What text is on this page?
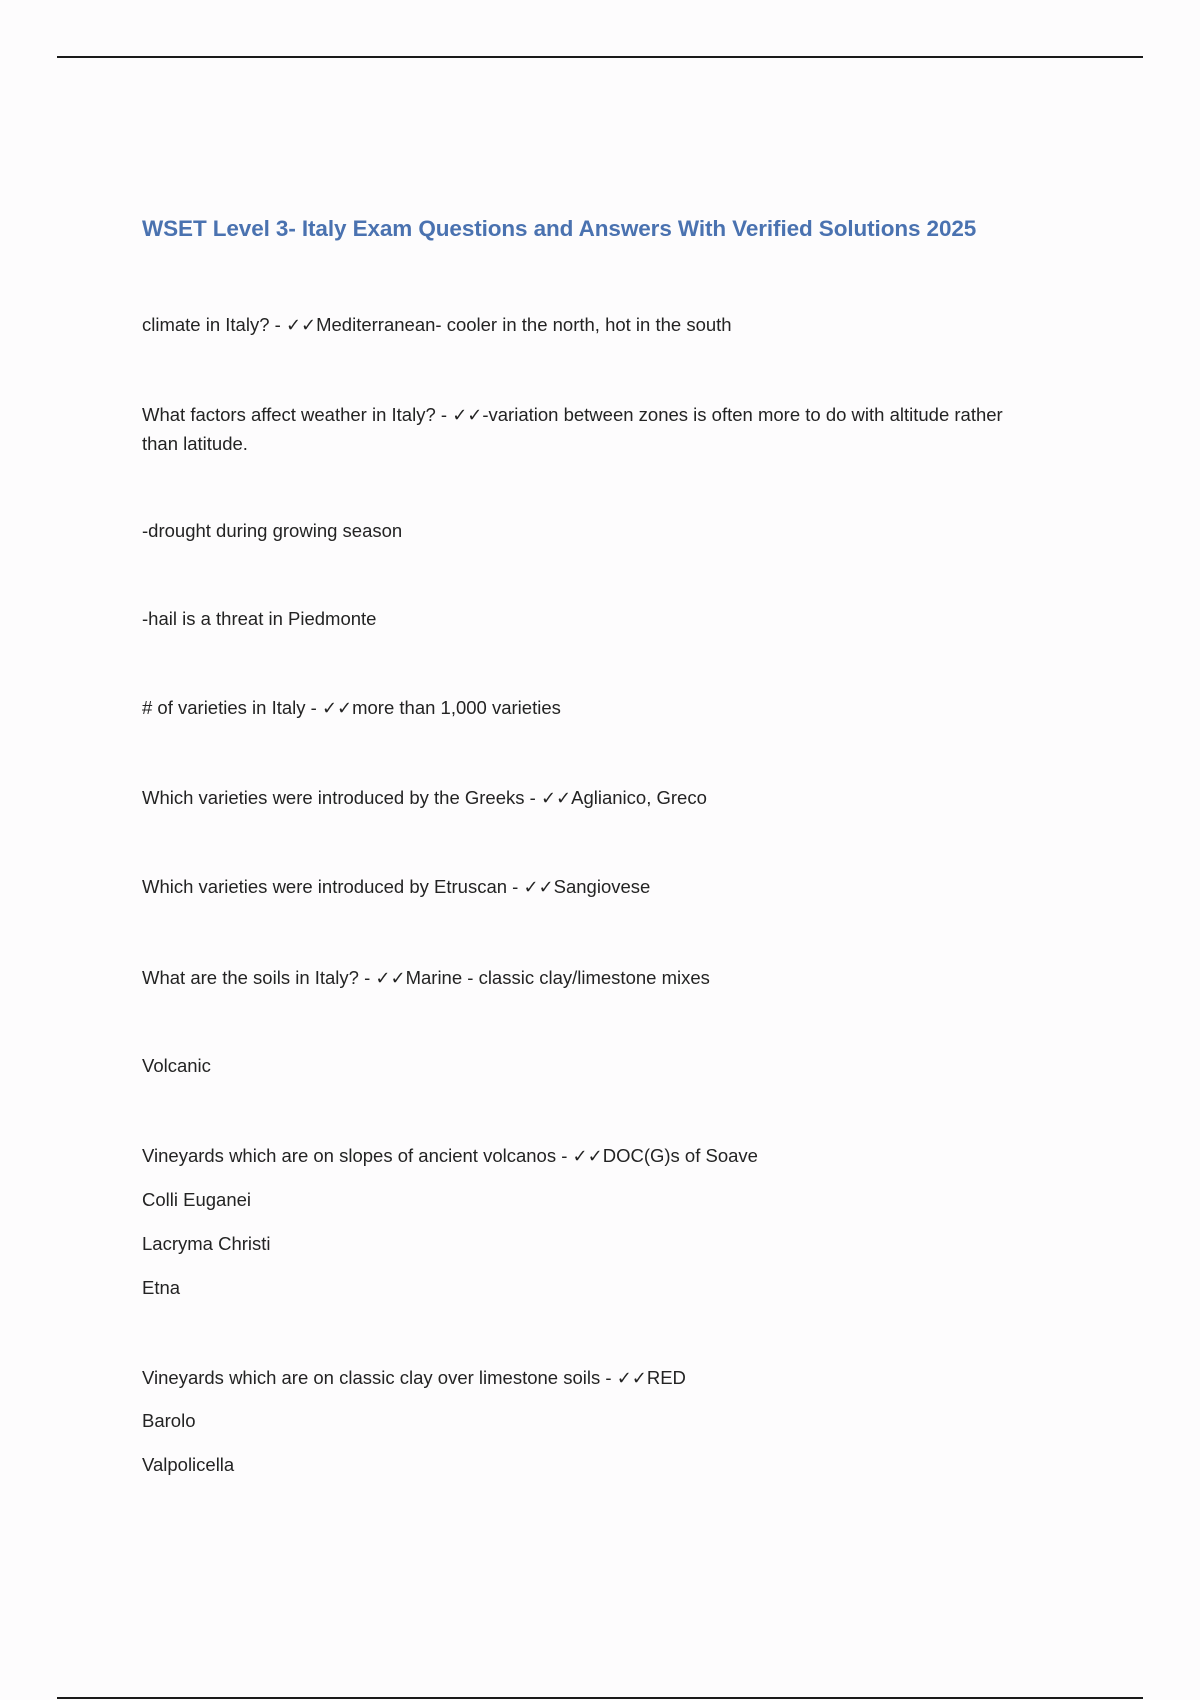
WSET Level 3- Italy Exam Questions and Answers With Verified Solutions 2025
climate in Italy? - ✓✓Mediterranean- cooler in the north, hot in the south
What factors affect weather in Italy? - ✓✓-variation between zones is often more to do with altitude rather than latitude.
-drought during growing season
-hail is a threat in Piedmonte
# of varieties in Italy - ✓✓more than 1,000 varieties
Which varieties were introduced by the Greeks - ✓✓Aglianico, Greco
Which varieties were introduced by Etruscan - ✓✓Sangiovese
What are the soils in Italy? - ✓✓Marine - classic clay/limestone mixes
Volcanic
Vineyards which are on slopes of ancient volcanos - ✓✓DOC(G)s of Soave
Colli Euganei
Lacryma Christi
Etna
Vineyards which are on classic clay over limestone soils - ✓✓RED
Barolo
Valpolicella
